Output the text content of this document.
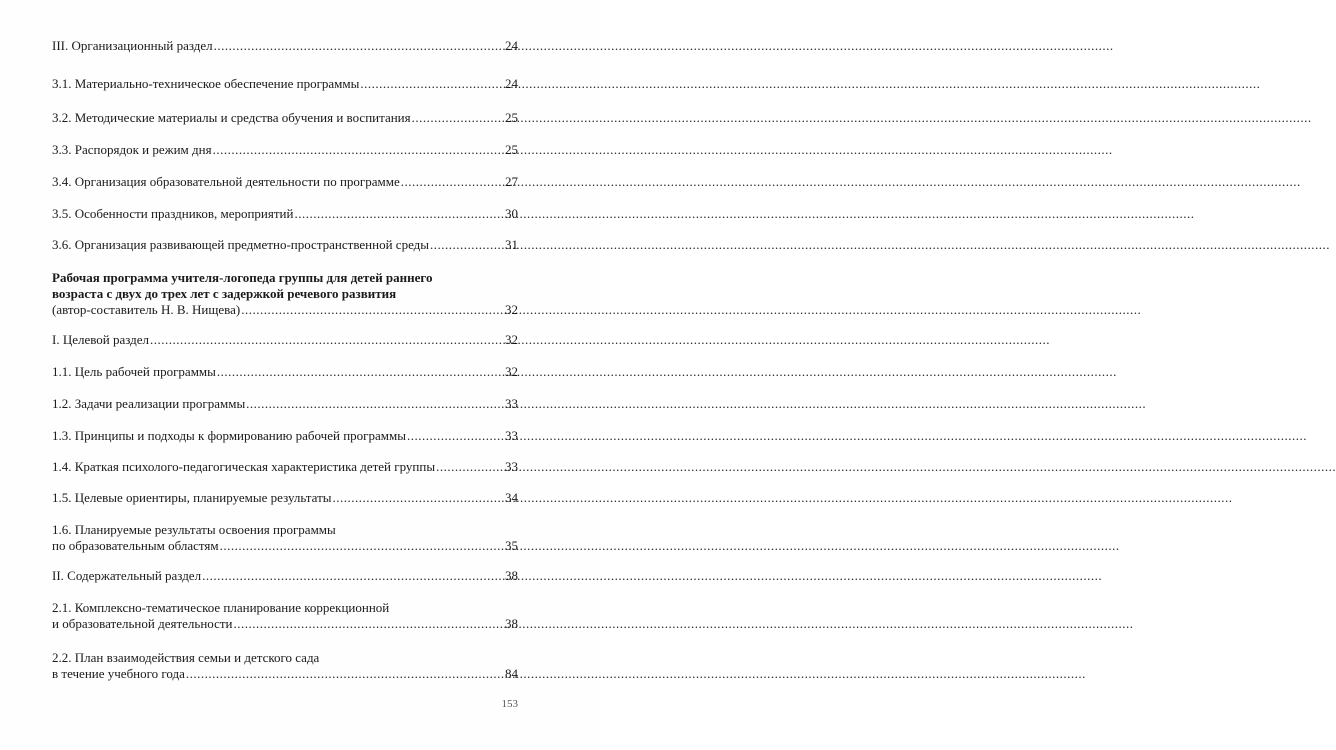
III. Организационный раздел .....	24
3.1. Материально-техническое обеспечение программы .....	24
3.2. Методические материалы и средства обучения и воспитания .....	25
3.3. Распорядок и режим дня .....	25
3.4. Организация образовательной деятельности по программе .....	27
3.5. Особенности праздников, мероприятий .....	30
3.6. Организация развивающей предметно-пространственной среды .....	31
Рабочая программа учителя-логопеда группы для детей раннего
возраста с двух до трех лет с задержкой речевого развития
(автор-составитель Н. В. Нищева) .....	32
I. Целевой раздел .....	32
1.1. Цель рабочей программы .....	32
1.2. Задачи реализации программы .....	33
1.3. Принципы и подходы к формированию рабочей программы .....	33
1.4. Краткая психолого-педагогическая характеристика детей группы .....	33
1.5. Целевые ориентиры, планируемые результаты .....	34
1.6. Планируемые результаты освоения программы
по образовательным областям .....	35
II. Содержательный раздел .....	38
2.1. Комплексно-тематическое планирование коррекционной
и образовательной деятельности .....	38
2.2. План взаимодействия семьи и детского сада
в течение учебного года .....	84
153
